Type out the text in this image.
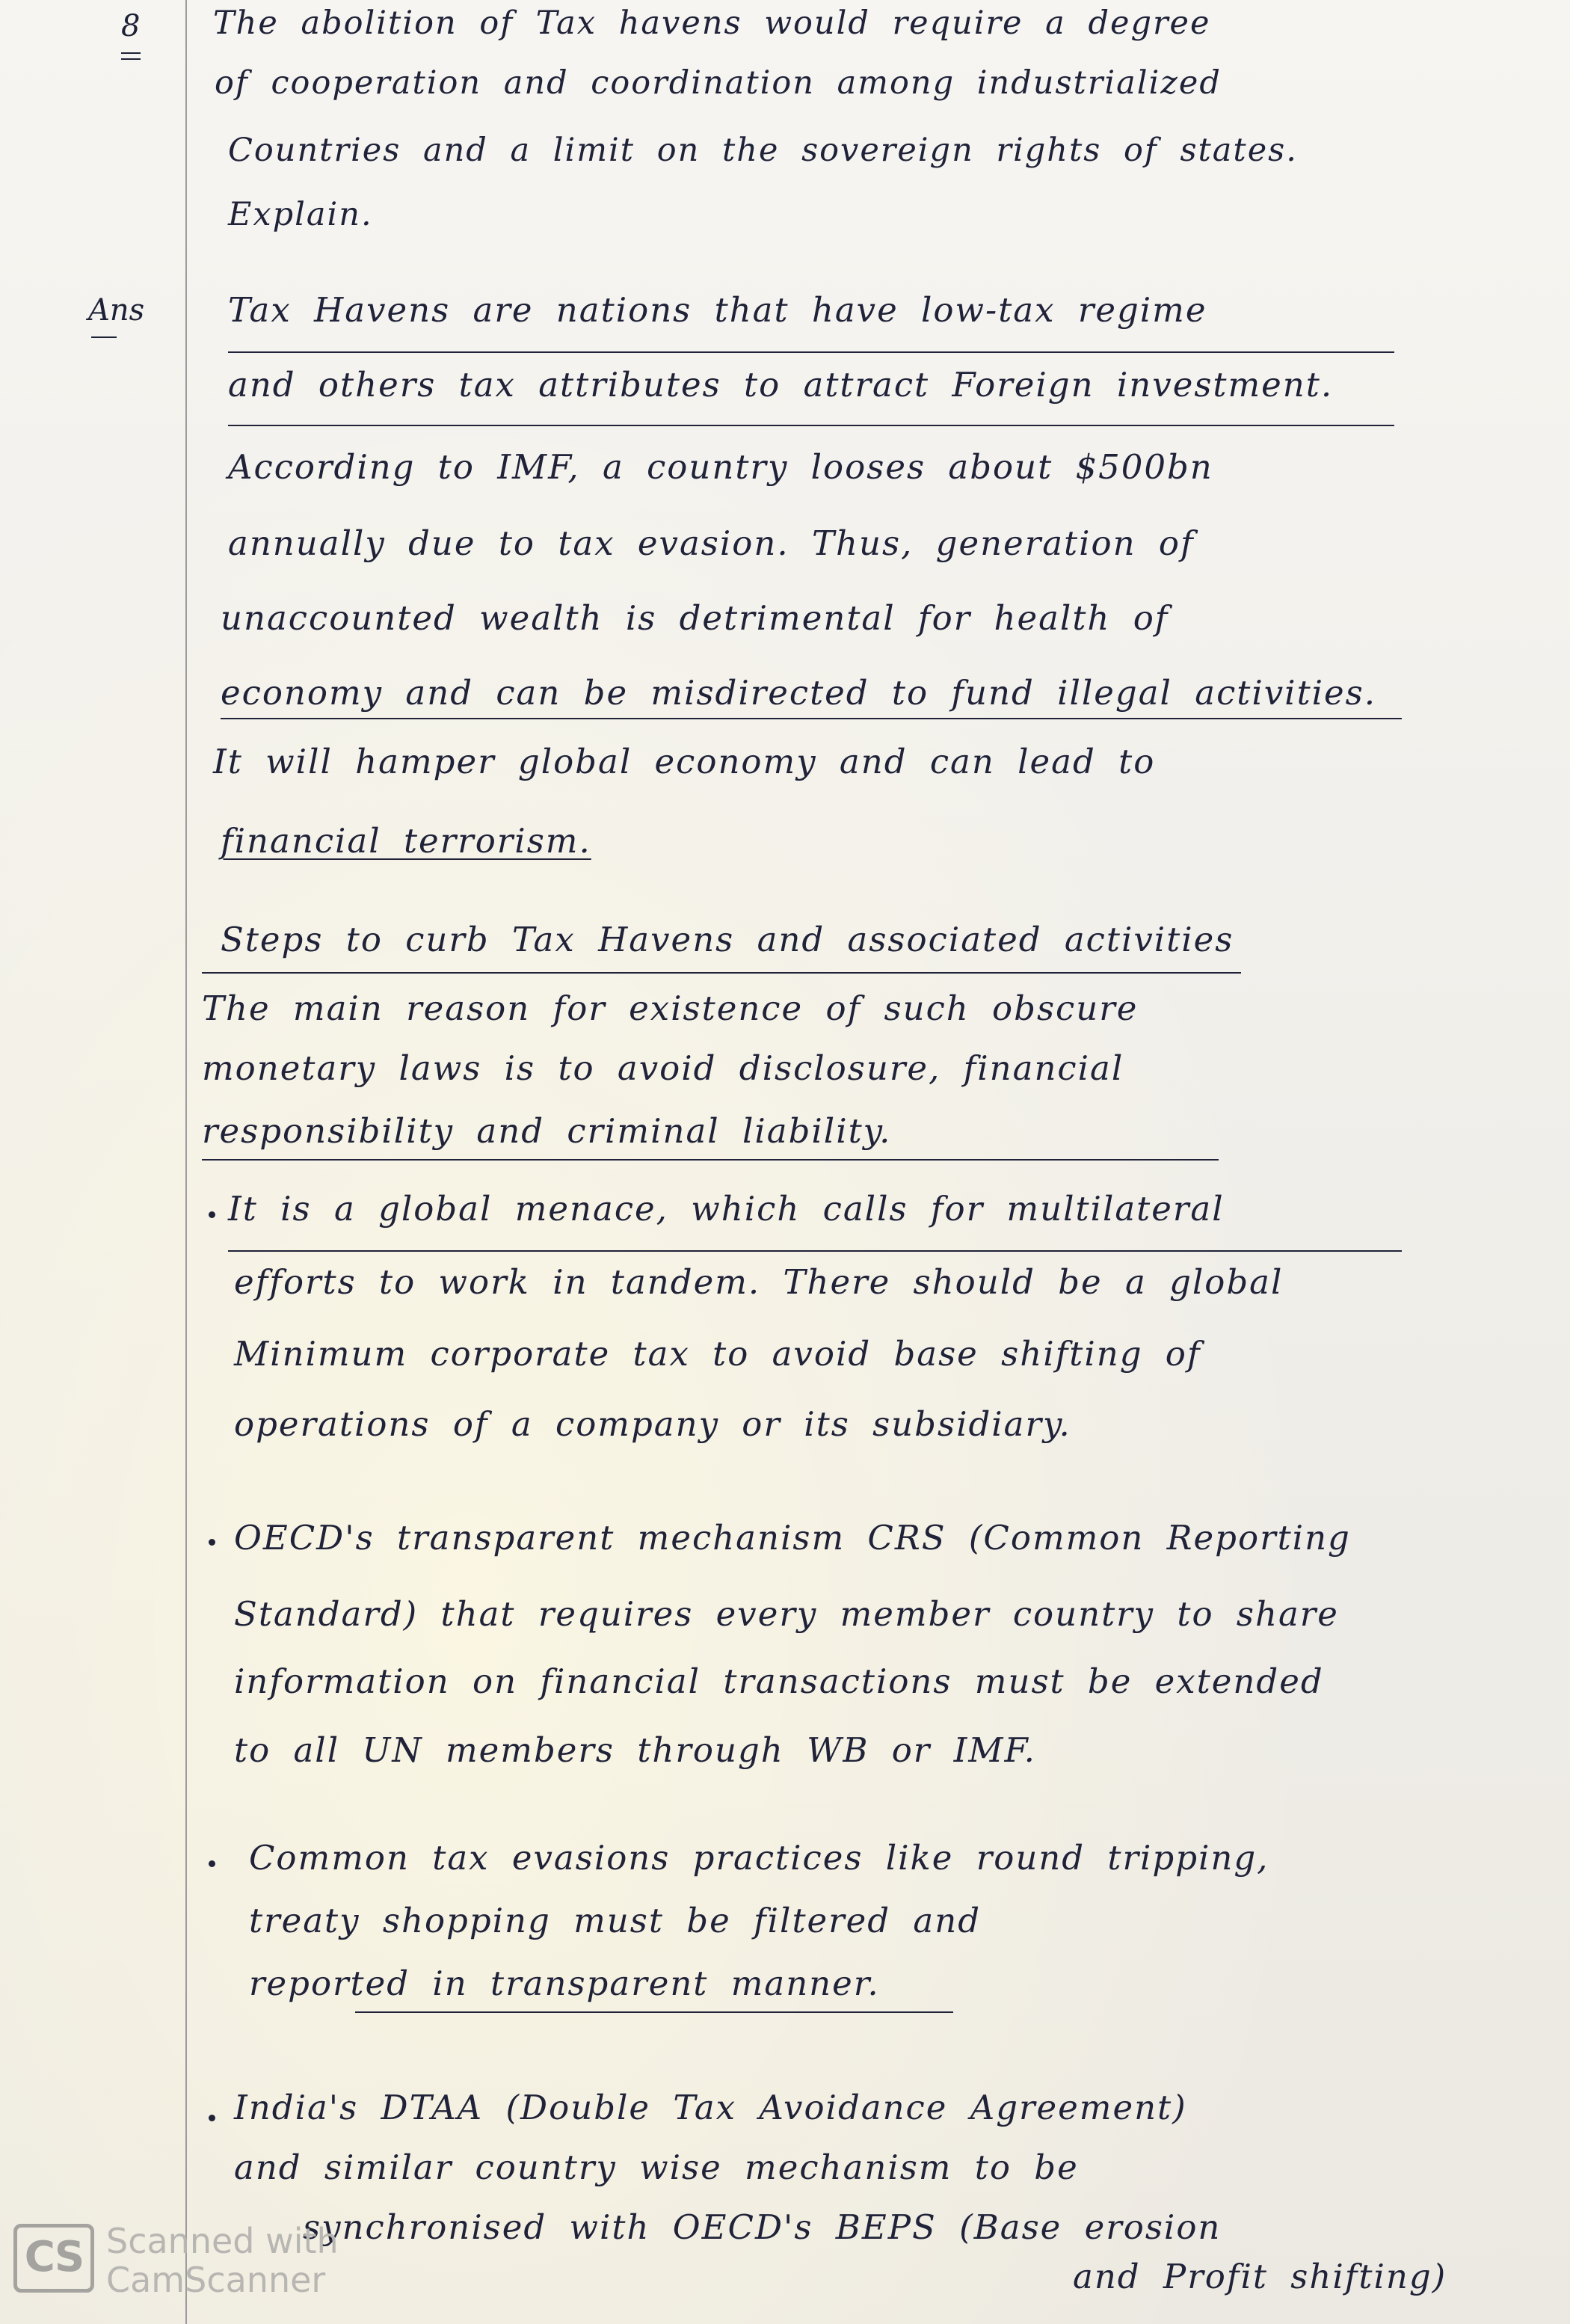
8
Ans
The abolition of Tax havens would require a degree
of cooperation and coordination among industrialized
Countries and a limit on the sovereign rights of states.
Explain.
Tax Havens are nations that have low-tax regime
and others tax attributes to attract Foreign investment.
According to IMF, a country looses about $500bn
annually due to tax evasion. Thus, generation of
unaccounted wealth is detrimental for health of
economy and can be misdirected to fund illegal activities.
It will hamper global economy and can lead to
financial terrorism.
Steps to curb Tax Havens and associated activities
The main reason for existence of such obscure
monetary laws is to avoid disclosure, financial
responsibility and criminal liability.
It is a global menace, which calls for multilateral
efforts to work in tandem. There should be a global
Minimum corporate tax to avoid base shifting of
operations of a company or its subsidiary.
OECD's transparent mechanism CRS (Common Reporting
Standard) that requires every member country to share
information on financial transactions must be extended
to all UN members through WB or IMF.
Common tax evasions practices like round tripping,
treaty shopping must be filtered and
reported in transparent manner.
India's DTAA (Double Tax Avoidance Agreement)
and similar country wise mechanism to be
synchronised with OECD's BEPS (Base erosion
and Profit shifting)
CS Scanned with
CamScanner
